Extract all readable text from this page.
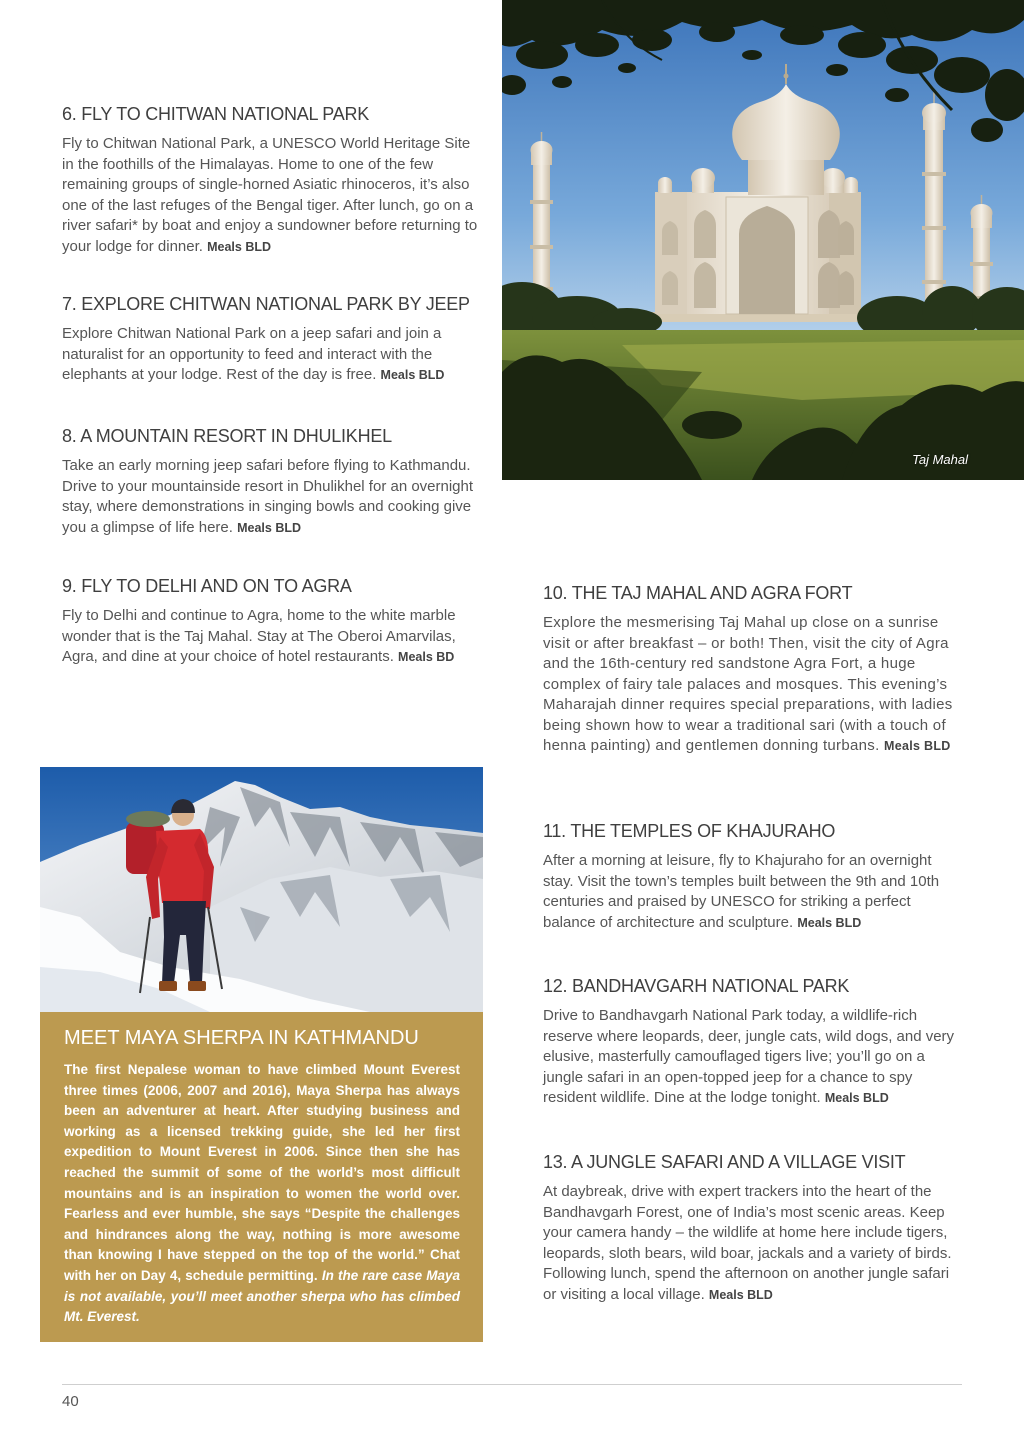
6. FLY TO CHITWAN NATIONAL PARK

Fly to Chitwan National Park, a UNESCO World Heritage Site in the foothills of the Himalayas. Home to one of the few remaining groups of single-horned Asiatic rhinoceros, it’s also one of the last refuges of the Bengal tiger. After lunch, go on a river safari* by boat and enjoy a sundowner before returning to your lodge for dinner. Meals BLD

7. EXPLORE CHITWAN NATIONAL PARK BY JEEP

Explore Chitwan National Park on a jeep safari and join a naturalist for an opportunity to feed and interact with the elephants at your lodge. Rest of the day is free. Meals BLD

8. A MOUNTAIN RESORT IN DHULIKHEL

Take an early morning jeep safari before flying to Kathmandu. Drive to your mountainside resort in Dhulikhel for an overnight stay, where demonstrations in singing bowls and cooking give you a glimpse of life here. Meals BLD

9. FLY TO DELHI AND ON TO AGRA

Fly to Delhi and continue to Agra, home to the white marble wonder that is the Taj Mahal. Stay at The Oberoi Amarvilas, Agra, and dine at your choice of hotel restaurants. Meals BD

Taj Mahal
10. THE TAJ MAHAL AND AGRA FORT

Explore the mesmerising Taj Mahal up close on a sunrise visit or after breakfast – or both! Then, visit the city of Agra and the 16th-century red sandstone Agra Fort, a huge complex of fairy tale palaces and mosques. This evening’s Maharajah dinner requires special preparations, with ladies being shown how to wear a traditional sari (with a touch of henna painting) and gentlemen donning turbans. Meals BLD

11. THE TEMPLES OF KHAJURAHO

After a morning at leisure, fly to Khajuraho for an overnight stay. Visit the town’s temples built between the 9th and 10th centuries and praised by UNESCO for striking a perfect balance of architecture and sculpture. Meals BLD

12. BANDHAVGARH NATIONAL PARK

Drive to Bandhavgarh National Park today, a wildlife-rich reserve where leopards, deer, jungle cats, wild dogs, and very elusive, masterfully camouflaged tigers live; you’ll go on a jungle safari in an open-topped jeep for a chance to spy resident wildlife. Dine at the lodge tonight. Meals BLD

13. A JUNGLE SAFARI AND A VILLAGE VISIT

At daybreak, drive with expert trackers into the heart of the Bandhavgarh Forest, one of India’s most scenic areas. Keep your camera handy – the wildlife at home here include tigers, leopards, sloth bears, wild boar, jackals and a variety of birds. Following lunch, spend the afternoon on another jungle safari or visiting a local village. Meals BLD

MEET MAYA SHERPA IN KATHMANDU

The first Nepalese woman to have climbed Mount Everest three times (2006, 2007 and 2016), Maya Sherpa has always been an adventurer at heart. After studying business and working as a licensed trekking guide, she led her first expedition to Mount Everest in 2006. Since then she has reached the summit of some of the world’s most difficult mountains and is an inspiration to women the world over. Fearless and ever humble, she says “Despite the challenges and hindrances along the way, nothing is more awesome than knowing I have stepped on the top of the world.” Chat with her on Day 4, schedule permitting. In the rare case Maya is not available, you’ll meet another sherpa who has climbed Mt. Everest.

40
